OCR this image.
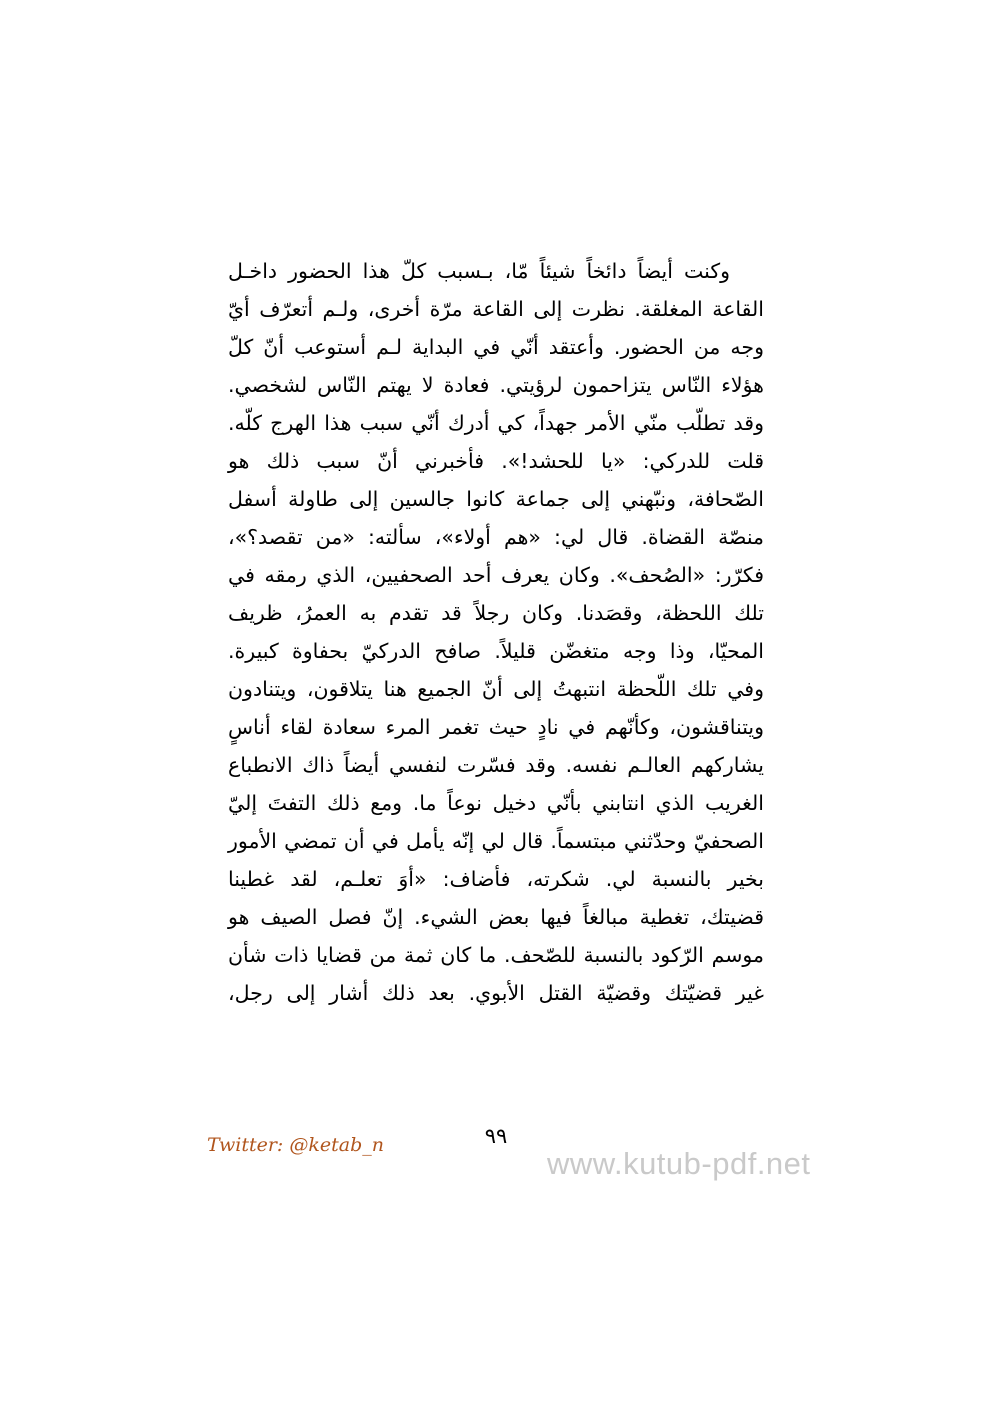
وكنت أيضاً دائخاً شيئاً مّا، بـسبب كلّ هذا الحضور داخـل
القاعة المغلقة. نظرت إلى القاعة مرّة أخرى، ولـم أتعرّف أيّ
وجه من الحضور. وأعتقد أنّي في البداية لـم أستوعب أنّ كلّ
هؤلاء النّاس يتزاحمون لرؤيتي. فعادة لا يهتم النّاس لشخصي.
وقد تطلّب منّي الأمر جهداً، كي أدرك أنّي سبب هذا الهرج كلّه.
قلت للدركي: «يا للحشد!». فأخبرني أنّ سبب ذلك هو
الصّحافة، ونبّهني إلى جماعة كانوا جالسين إلى طاولة أسفل
منصّة القضاة. قال لي: «هم أولاء»، سألته: «من تقصد؟»،
فكرّر: «الصُحف». وكان يعرف أحد الصحفيين، الذي رمقه في
تلك اللحظة، وقصَدنا. وكان رجلاً قد تقدم به العمرُ، ظريف
المحيّا، وذا وجه متغضّن قليلاً. صافح الدركيّ بحفاوة كبيرة.
وفي تلك اللّحظة انتبهتُ إلى أنّ الجميع هنا يتلاقون، ويتنادون
ويتناقشون، وكأنّهم في نادٍ حيث تغمر المرء سعادة لقاء أناسٍ
يشاركهم العالـم نفسه. وقد فسّرت لنفسي أيضاً ذاك الانطباع
الغريب الذي انتابني بأنّي دخيل نوعاً ما. ومع ذلك التفتَ إليّ
الصحفيّ وحدّثني مبتسماً. قال لي إنّه يأمل في أن تمضي الأمور
بخير بالنسبة لي. شكرته، فأضاف: «أوَ تعلـم، لقد غطينا
قضيتك، تغطية مبالغاً فيها بعض الشيء. إنّ فصل الصيف هو
موسم الرّكود بالنسبة للصّحف. ما كان ثمة من قضايا ذات شأن
غير قضيّتك وقضيّة القتل الأبوي. بعد ذلك أشار إلى رجل،
Twitter: @ketab_n	٩٩
www.kutub-pdf.net
